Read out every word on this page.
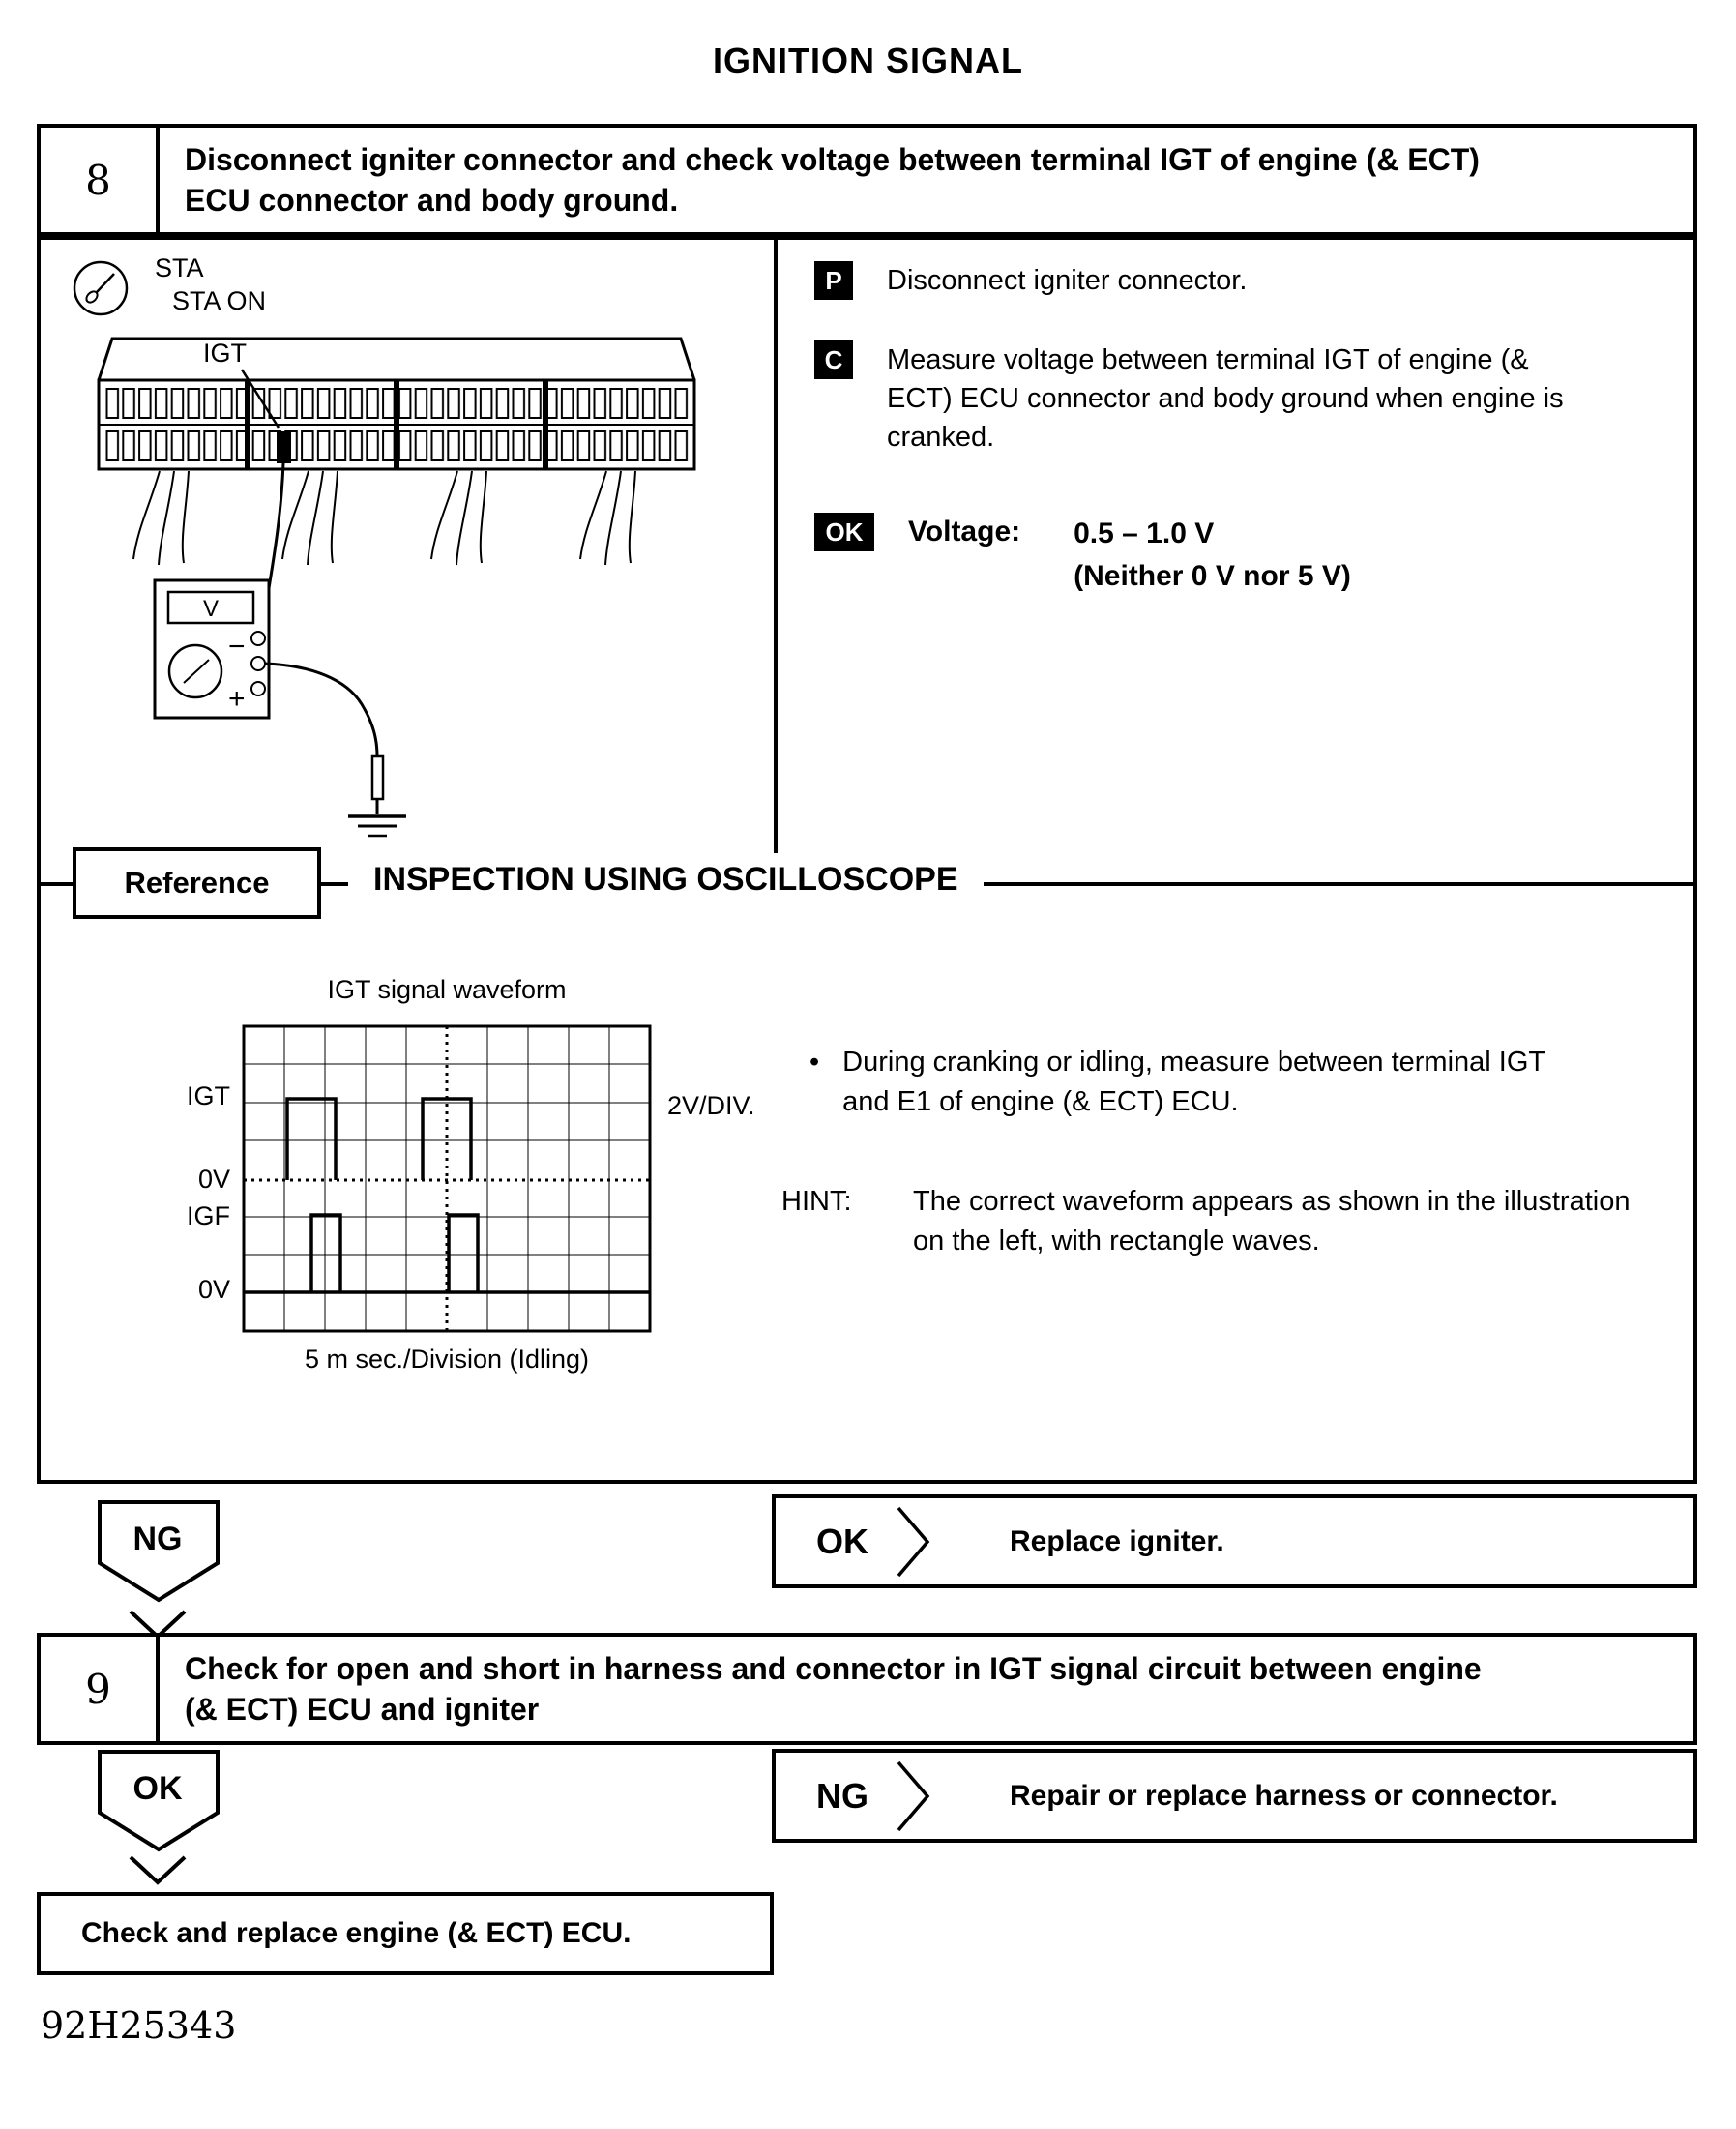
IGNITION SIGNAL
8	Disconnect igniter connector and check voltage between terminal IGT of engine (& ECT) ECU connector and body ground.
STA
STA ON
IGT
V
−
+
P	Disconnect igniter connector.
C	Measure voltage between terminal IGT of engine (& ECT) ECU connector and body ground when engine is cranked.
OK	Voltage: 0.5 – 1.0 V
(Neither 0 V nor 5 V)
Reference	INSPECTION USING OSCILLOSCOPE
IGT signal waveform
IGT
0V
IGF
0V
2V/DIV.
5 m sec./Division (Idling)
• During cranking or idling, measure between terminal IGT and E1 of engine (& ECT) ECU.
HINT:	The correct waveform appears as shown in the illustration on the left, with rectangle waves.
NG	OK	Replace igniter.
9	Check for open and short in harness and connector in IGT signal circuit between engine (& ECT) ECU and igniter
OK	NG	Repair or replace harness or connector.
Check and replace engine (& ECT) ECU.
92H25343
